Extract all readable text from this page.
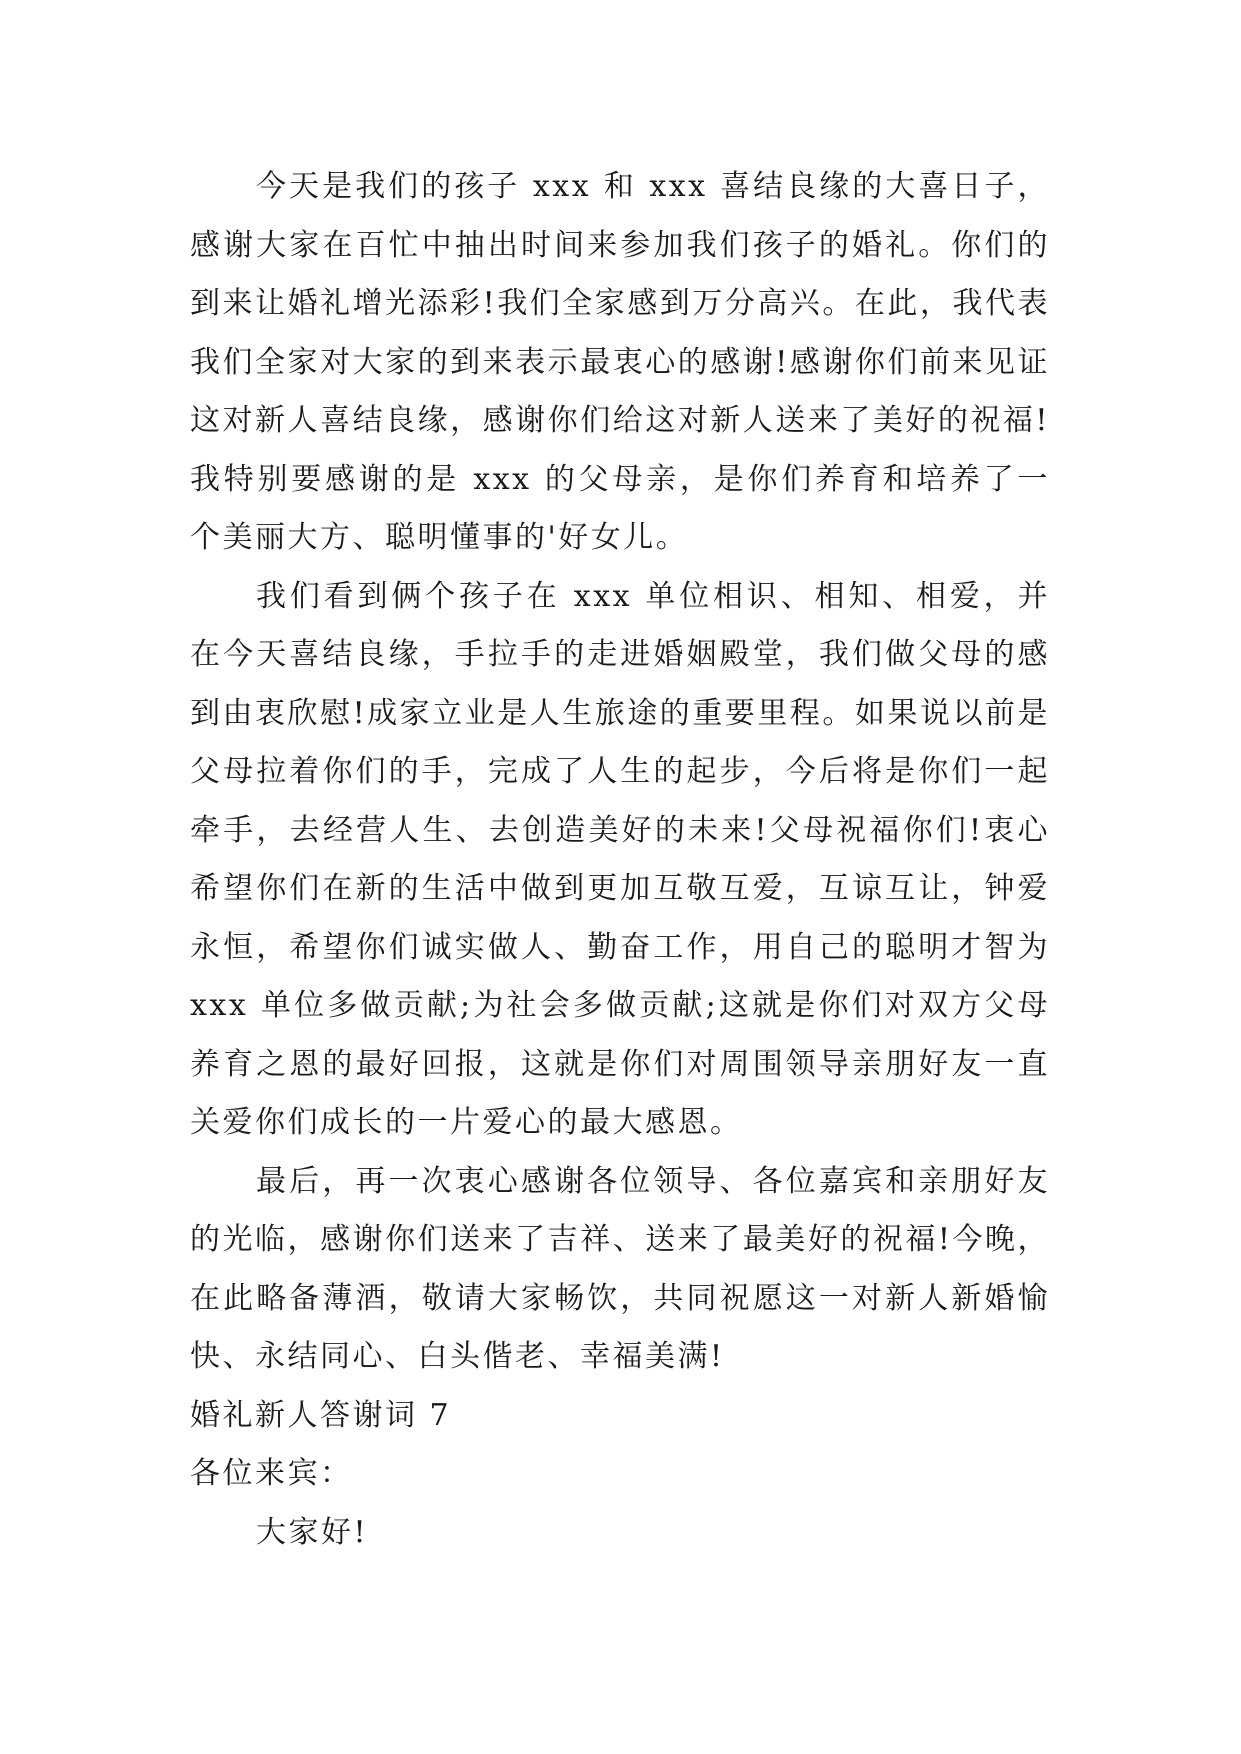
今天是我们的孩子 xxx 和 xxx 喜结良缘的大喜日子，感谢大家在百忙中抽出时间来参加我们孩子的婚礼。你们的到来让婚礼增光添彩!我们全家感到万分高兴。在此，我代表我们全家对大家的到来表示最衷心的感谢!感谢你们前来见证这对新人喜结良缘，感谢你们给这对新人送来了美好的祝福!我特别要感谢的是 xxx 的父母亲，是你们养育和培养了一个美丽大方、聪明懂事的'好女儿。

我们看到俩个孩子在 xxx 单位相识、相知、相爱，并在今天喜结良缘，手拉手的走进婚姻殿堂，我们做父母的感到由衷欣慰!成家立业是人生旅途的重要里程。如果说以前是父母拉着你们的手，完成了人生的起步，今后将是你们一起牵手，去经营人生、去创造美好的未来!父母祝福你们!衷心希望你们在新的生活中做到更加互敬互爱，互谅互让，钟爱永恒，希望你们诚实做人、勤奋工作，用自己的聪明才智为 xxx 单位多做贡献;为社会多做贡献;这就是你们对双方父母养育之恩的最好回报，这就是你们对周围领导亲朋好友一直关爱你们成长的一片爱心的最大感恩。

最后，再一次衷心感谢各位领导、各位嘉宾和亲朋好友的光临，感谢你们送来了吉祥、送来了最美好的祝福!今晚，在此略备薄酒，敬请大家畅饮，共同祝愿这一对新人新婚愉快、永结同心、白头偕老、幸福美满!

婚礼新人答谢词 7

各位来宾：

大家好!
